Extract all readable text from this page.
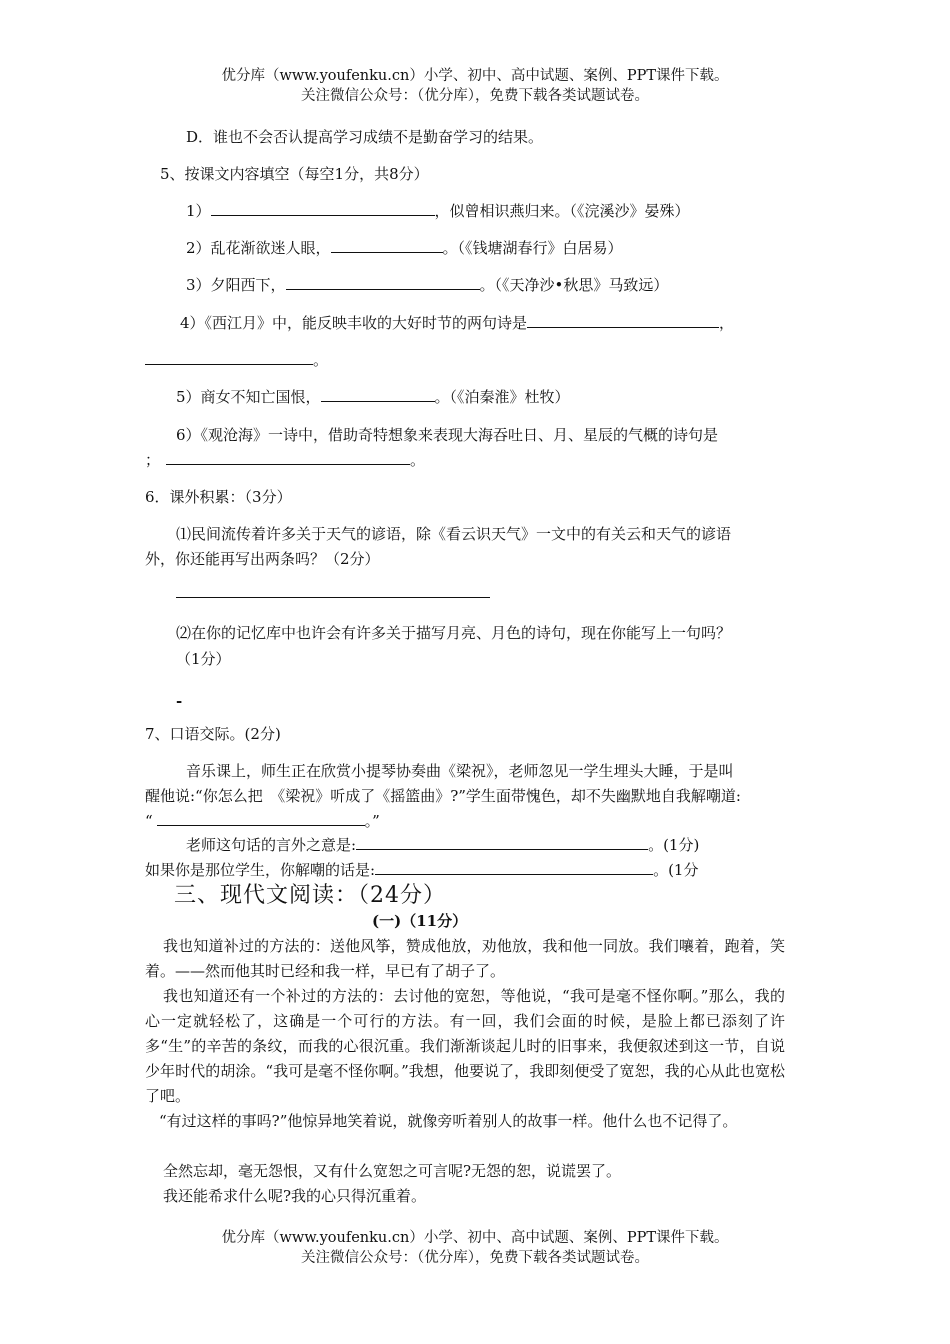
优分库（www.youfenku.cn）小学、初中、高中试题、案例、PPT课件下载。
关注微信公众号：（优分库），免费下载各类试题试卷。
D．谁也不会否认提高学习成绩不是勤奋学习的结果。
5、按课文内容填空（每空1分，共8分）
1）	，似曾相识燕归来。（《浣溪沙》晏殊）
2）乱花渐欲迷人眼，	。（《钱塘湖春行》白居易）
3）夕阳西下，	。（《天净沙•秋思》马致远）
4）《西江月》中，能反映丰收的大好时节的两句诗是	，
。
5）商女不知亡国恨，	。（《泊秦淮》杜牧）
6）《观沧海》一诗中，借助奇特想象来表现大海吞吐日、月、星辰的气概的诗句是
；	。
6．课外积累：（3分）
⑴民间流传着许多关于天气的谚语，除《看云识天气》一文中的有关云和天气的谚语
外，你还能再写出两条吗？（2分）
⑵在你的记忆库中也许会有许多关于描写月亮、月色的诗句，现在你能写上一句吗？
（1分）
-
7、口语交际。(2分)
音乐课上，师生正在欣赏小提琴协奏曲《梁祝》，老师忽见一学生埋头大睡，于是叫
醒他说:“你怎么把　《梁祝》听成了《摇篮曲》?”学生面带愧色，却不失幽默地自我解嘲道:
“	。”
老师这句话的言外之意是:	。(1分)
如果你是那位学生，你解嘲的话是:	。(1分
三、现代文阅读：（24分）
(一)（11分）
我也知道补过的方法的：送他风筝，赞成他放，劝他放，我和他一同放。我们嚷着，跑着，笑着。——然而他其时已经和我一样，早已有了胡子了。
我也知道还有一个补过的方法的：去讨他的宽恕，等他说，“我可是毫不怪你啊。”那么，我的心一定就轻松了，这确是一个可行的方法。有一回，我们会面的时候，是脸上都已添刻了许多“生”的辛苦的条纹，而我的心很沉重。我们渐渐谈起儿时的旧事来，我便叙述到这一节，自说少年时代的胡涂。“我可是毫不怪你啊。”我想，他要说了，我即刻便受了宽恕，我的心从此也宽松了吧。
“有过这样的事吗?”他惊异地笑着说，就像旁听着别人的故事一样。他什么也不记得了。
全然忘却，毫无怨恨，又有什么宽恕之可言呢?无怨的恕，说谎罢了。
我还能希求什么呢?我的心只得沉重着。
优分库（www.youfenku.cn）小学、初中、高中试题、案例、PPT课件下载。
关注微信公众号：（优分库），免费下载各类试题试卷。
